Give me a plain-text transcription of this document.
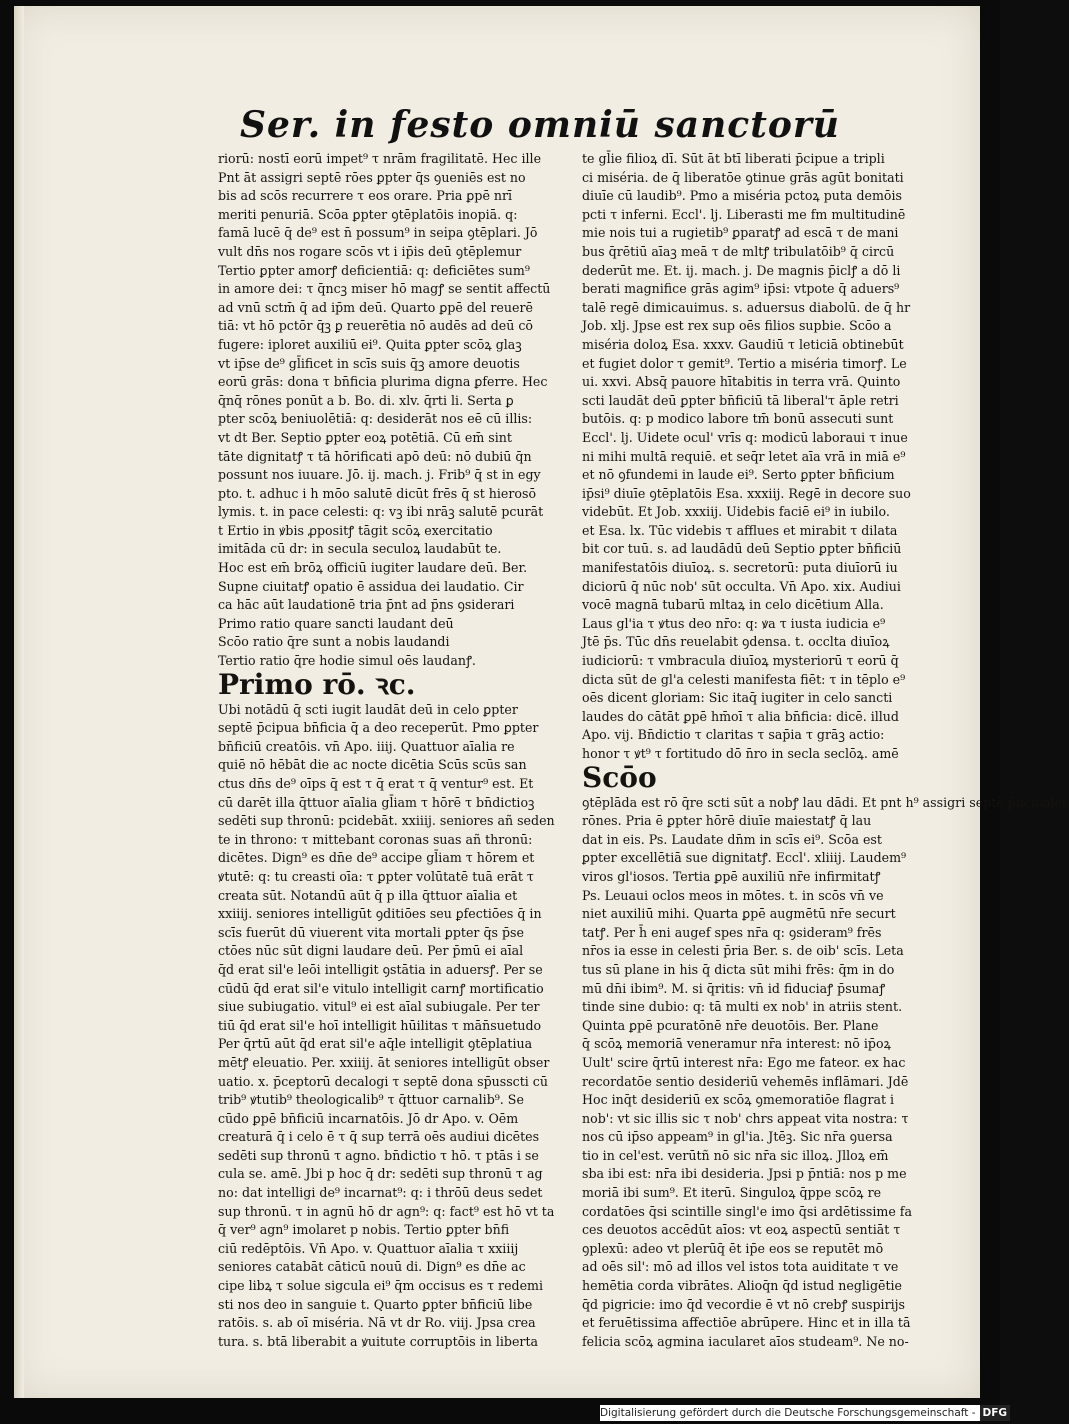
Ser. in festo omniū sanctorū
riorū: nostī eorū impet⁹ τ nrām fragilitatē. Hec ille
Pnt āt assigri septē rōes ꝑpter q̄s ꝯueniēs est no
bis ad scōs recurrere τ eos orare. Pria ꝑpē nrī
meriti penuriā. Scōa ꝑpter ꝯtēplatōis inopiā. q:
famā lucē q̄ de⁹ est n̄ possum⁹ in sei̇pa ꝯtēplari. Jō
vult dn̄s nos rogare scōs vt i ip̄is deū ꝯtēplemur
Tertio ꝑpter amorꝭ deficientiā: q: deficiētes sum⁹
in amore dei: τ q̄ncꝫ miser hō magꝭ se sentit affectū
ad vnū sctm̄ q̄ ad ip̄m deū. Quarto ꝑpē del reuerē
tiā: vt hō pctōr q̄ꝫ ꝑ reuerētia nō audēs ad deū cō
fugere: iploret auxiliū ei⁹. Quita ꝑpter scōꝝ glaꝫ
vt ip̄se de⁹ gl̄ificet in scīs suis q̄ꝫ amore deuotis
eorū grās: dona τ bn̄ficia plurima digna ꝑferre. Hec
q̄nq̄ rōnes ponūt a b. Bo. di. xlv. q̄rti li. Serta ꝑ
pter scōꝝ beniuolētiā: q: desiderāt nos eē cū illis:
vt dt Ber. Septio ꝑpter eoꝝ potētiā. Cū em̄ sint
tāte dignitatꝭ τ tā hōrificati apō deū: nō dubiū q̄n
possunt nos iuuare. Jō. ij. mach. j. Frib⁹ q̄ st in egy
pto. t. adhuc i h mōo salutē dicūt frēs q̄ st hierosō
lymis. t. in pace celesti: q: vꝫ ibi nrāꝫ salutē pcurāt
t Ertio in ꝟbis ꝓpositꝭ tāgit scōꝝ exercitatio
imitāda cū dr: in secula seculoꝝ laudabūt te.
Hoc est em̄ brōꝝ officiū iugiter laudare deū. Ber.
Supne ciuitatꝭ opatio ē assidua dei laudatio. Cir
ca hāc aūt laudationē tria p̄nt ad p̄ns ꝯsiderari
Primo ratio quare sancti laudant deū
Scōo ratio q̄re sunt a nobis laudandi
Tertio ratio q̄re hodie simul oēs laudanꝭ.
Primo rō. ꝛc.
Ubi notādū q̄ scti iugit laudāt deū in celo ꝑpter
septē p̄cipua bn̄ficia q̄ a deo receperūt. Pmo ꝑpter
bn̄ficiū creatōis. vn̄ Apo. iiij. Quattuor aīalia re
quiē nō hēbāt die ac nocte dicētia Scūs scūs san
ctus dn̄s de⁹ oīps q̄ est τ q̄ erat τ q̄ ventur⁹ est. Et
cū darēt illa q̄ttuor aīalia gl̄iam τ hōrē τ bn̄dictioꝫ
sedēti sup thronū: pcidebāt. xxiiij. seniores añ seden
te in throno: τ mittebant coronas suas añ thronū:
dicētes. Dign⁹ es dn̄e de⁹ accipe gl̄iam τ hōrem et
ꝟtutē: q: tu creasti oīa: τ ꝑpter volūtatē tuā erāt τ
creata sūt. Notandū aūt q̄ p illa q̄ttuor aīalia et
xxiiij. seniores intelligūt ꝯditiōes seu ꝑfectiōes q̄ in
scīs fuerūt dū viuerent vita mortali ꝑpter q̄s p̄se
ctōes nūc sūt digni laudare deū. Per p̄mū ei aīal
q̄d erat sil'e leōi intelligit ꝯstātia in aduersꝭ. Per se
cūdū q̄d erat sil'e vitulo intelligit carnꝭ mortificatio
siue subiugatio. vitul⁹ ei est aīal subiugale. Per ter
tiū q̄d erat sil'e hoī intelligit hūilitas τ mān̄suetudo
Per q̄rtū aūt q̄d erat sil'e aq̄le intelligit ꝯtēplatiua
mētꝭ eleuatio. Per. xxiiij. āt seniores intelligūt obser
uatio. x. p̄ceptorū decalogi τ septē dona sp̄usscti cū
trib⁹ ꝟtutib⁹ theologicalib⁹ τ q̄ttuor carnalib⁹. Se
cūdo ꝑpē bn̄ficiū incarnatōis. Jō dr Apo. v. Oēm
creaturā q̄ i celo ē τ q̄ sup terrā oēs audiui dicētes
sedēti sup thronū τ agno. bn̄dictio τ hō. τ ptās i se
cula se. amē. Jbi p hoc q̄ dr: sedēti sup thronū τ ag
no: dat intelligi de⁹ incarnat⁹: q: i thrōū deus sedet
sup thronū. τ in agnū hō dr agn⁹: q: fact⁹ est hō vt ta
q̄ ver⁹ agn⁹ imolaret p nobis. Tertio ꝑpter bn̄fi
ciū redēptōis. Vn̄ Apo. v. Quattuor aīalia τ xxiiij
seniores catabāt cāticū nouū di. Dign⁹ es dn̄e ac
cipe libꝝ τ solue sigcula ei⁹ q̄m occisus es τ redemi
sti nos deo in sanguie t. Quarto ꝑpter bn̄ficiū libe
ratōis. s. ab oī miséria. Nā vt dr Ro. viij. Jpsa crea
tura. s. btā liberabit a ꝟuitute corruptōis in liberta
te gl̄ie filioꝝ dī. Sūt āt btī liberati p̄cipue a tripli
ci miséria. de q̄ liberatōe ꝯtinue grās agūt bonitati
diuīe cū laudib⁹. Pmo a miséria pctoꝝ puta demōis
pcti τ inferni. Eccl'. lj. Liberasti me fm multitudinē
mie nois tui a rugietib⁹ ꝑparatꝭ ad escā τ de mani
bus q̄rētiū aīaꝫ meā τ de mltꝭ tribulatōib⁹ q̄ circū
dederūt me. Et. ij. mach. j. De magnis p̄iclꝭ a dō li
berati magnifice grās agim⁹ ip̄si: vtpote q̄ aduers⁹
talē regē dimicauimus. s. aduersus diabolū. de q̄ hr
Job. xlj. Jpse est rex sup oēs filios supbie. Scōo a
miséria doloꝝ Esa. xxxv. Gaudiū τ leticiā obtinebūt
et fugiet dolor τ gemit⁹. Tertio a miséria timorꝭ. Le
ui. xxvi. Absq̄ pauore hītabitis in terra vrā. Quinto
scti laudāt deū ꝑpter bn̄ficiū tā liberal'τ āple retri
butōis. q: p modico labore tm̄ bonū assecuti sunt
Eccl'. lj. Uidete ocul' vrīs q: modicū laboraui τ inue
ni mihi multā requiē. et seq̄r letet aīa vrā in miā e⁹
et nō ꝯfundemi in laude ei⁹. Serto ꝑpter bn̄ficium
ip̄si⁹ diuīe ꝯtēplatōis Esa. xxxiij. Regē in decore suo
videbūt. Et Job. xxxiij. Uidebis faciē ei⁹ in iubilo.
et Esa. lx. Tūc videbis τ afflues et mirabit τ dilata
bit cor tuū. s. ad laudādū deū Septio ꝑpter bn̄ficiū
manifestatōis diuīoꝝ. s. secretorū: puta diuīorū iu
diciorū q̄ nūc nob' sūt occulta. Vn̄ Apo. xix. Audiui
vocē magnā tubarū mltaꝝ in celo dicētium Alla.
Laus gl'ia τ ꝟtus deo nr̄o: q: ꝟa τ iusta iudicia e⁹
Jtē p̄s. Tūc dn̄s reuelabit ꝯdensa. t. occlta diuīoꝝ
iudiciorū: τ vmbracula diuīoꝝ mysteriorū τ eorū q̄
dicta sūt de gl'a celesti manifesta fiēt: τ in tēplo e⁹
oēs dicent gloriam: Sic itaq̄ iugiter in celo sancti
laudes do cātāt ꝑpē hm̄oī τ alia bn̄ficia: dicē. illud
Apo. vij. Bn̄dictio τ claritas τ sap̄ia τ grāꝫ actio:
honor τ ꝟt⁹ τ fortitudo dō n̄ro in secla seclōꝝ. amē
Scōo
ꝯtēplāda est rō q̄re scti sūt a nobꝭ lau dādi. Et pnt h⁹ assigri septē p̄ncipales
rōnes. Pria ē ꝑpter hōrē diuīe maiestatꝭ q̄ lau
dat in eis. Ps. Laudate dn̄m in scīs ei⁹. Scōa est
ꝑpter excellētiā sue dignitatꝭ. Eccl'. xliiij. Laudem⁹
viros gl'iosos. Tertia ꝑpē auxiliū nr̄e infirmitatꝭ
Ps. Leuaui oclos meos in mōtes. t. in scōs vn̄ ve
niet auxiliū mihi. Quarta ꝑpē augmētū nr̄e securt
tatꝭ. Per h̄ eni augef spes nr̄a q: ꝯsideram⁹ frēs
nr̄os ia esse in celesti p̄ria Ber. s. de oib' scīs. Leta
tus sū plane in his q̄ dicta sūt mihi frēs: q̄m in do
mū dn̄i ibim⁹. M. si q̄ritis: vn̄ id fiduciaꝭ p̄sumaꝭ
tinde sine dubio: q: tā multi ex nob' in atriis stent.
Quinta ꝑpē pcuratōnē nr̄e deuotōis. Ber. Plane
q̄ scōꝝ memoriā veneramur nr̄a interest: nō ip̄oꝝ
Uult' scire q̄rtū interest nr̄a: Ego me fateor. ex hac
recordatōe sentio desideriū vehemēs inflāmari. Jdē
Hoc inq̄t desideriū ex scōꝝ ꝯmemoratiōe flagrat i
nob': vt sic illis sic τ nob' chrs appeat vita nostra: τ
nos cū ip̄so appeam⁹ in gl'ia. Jtēꝫ. Sic nr̄a ꝯuersa
tio in cel'est. verūtñ nō sic nr̄a sic illoꝝ. Jlloꝝ em̄
sba ibi est: nr̄a ibi desideria. Jpsi p p̄ntiā: nos p me
moriā ibi sum⁹. Et iterū. Singuloꝝ q̄ppe scōꝝ re
cordatōes q̄si scintille singl'e imo q̄si ardētissime fa
ces deuotos accēdūt aīos: vt eoꝝ aspectū sentiāt τ
ꝯplexū: adeo vt plerūq̄ ēt ip̄e eos se reputēt mō
ad oēs sil': mō ad illos vel istos tota auiditate τ ve
hemētia corda vibrātes. Alioq̄n q̄d istud negligētie
q̄d pigricie: imo q̄d vecordie ē vt nō crebꝭ suspirijs
et feruētissima affectiōe abrūpere. Hinc et in illa tā
felicia scōꝝ agmina iacularet aīos studeam⁹. Ne no-
Digitalisierung gefördert durch die Deutsche Forschungsgemeinschaft - DFG
